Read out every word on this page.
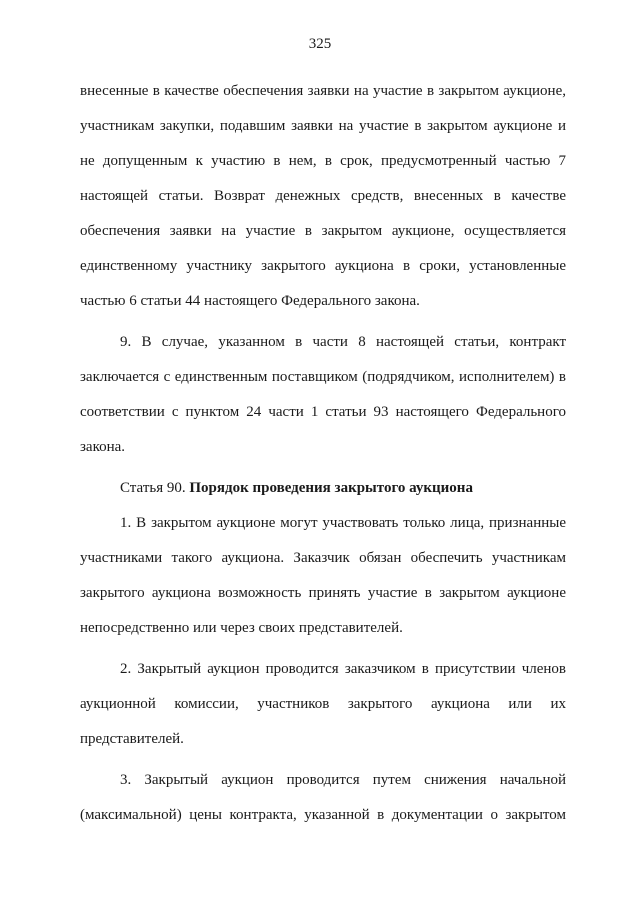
325

внесенные в качестве обеспечения заявки на участие в закрытом аукционе, участникам закупки, подавшим заявки на участие в закрытом аукционе и не допущенным к участию в нем, в срок, предусмотренный частью 7 настоящей статьи. Возврат денежных средств, внесенных в качестве обеспечения заявки на участие в закрытом аукционе, осуществляется единственному участнику закрытого аукциона в сроки, установленные частью 6 статьи 44 настоящего Федерального закона.

9. В случае, указанном в части 8 настоящей статьи, контракт заключается с единственным поставщиком (подрядчиком, исполнителем) в соответствии с пунктом 24 части 1 статьи 93 настоящего Федерального закона.

Статья 90. Порядок проведения закрытого аукциона

1. В закрытом аукционе могут участвовать только лица, признанные участниками такого аукциона. Заказчик обязан обеспечить участникам закрытого аукциона возможность принять участие в закрытом аукционе непосредственно или через своих представителей.

2. Закрытый аукцион проводится заказчиком в присутствии членов аукционной комиссии, участников закрытого аукциона или их представителей.

3. Закрытый аукцион проводится путем снижения начальной (максимальной) цены контракта, указанной в документации о закрытом
